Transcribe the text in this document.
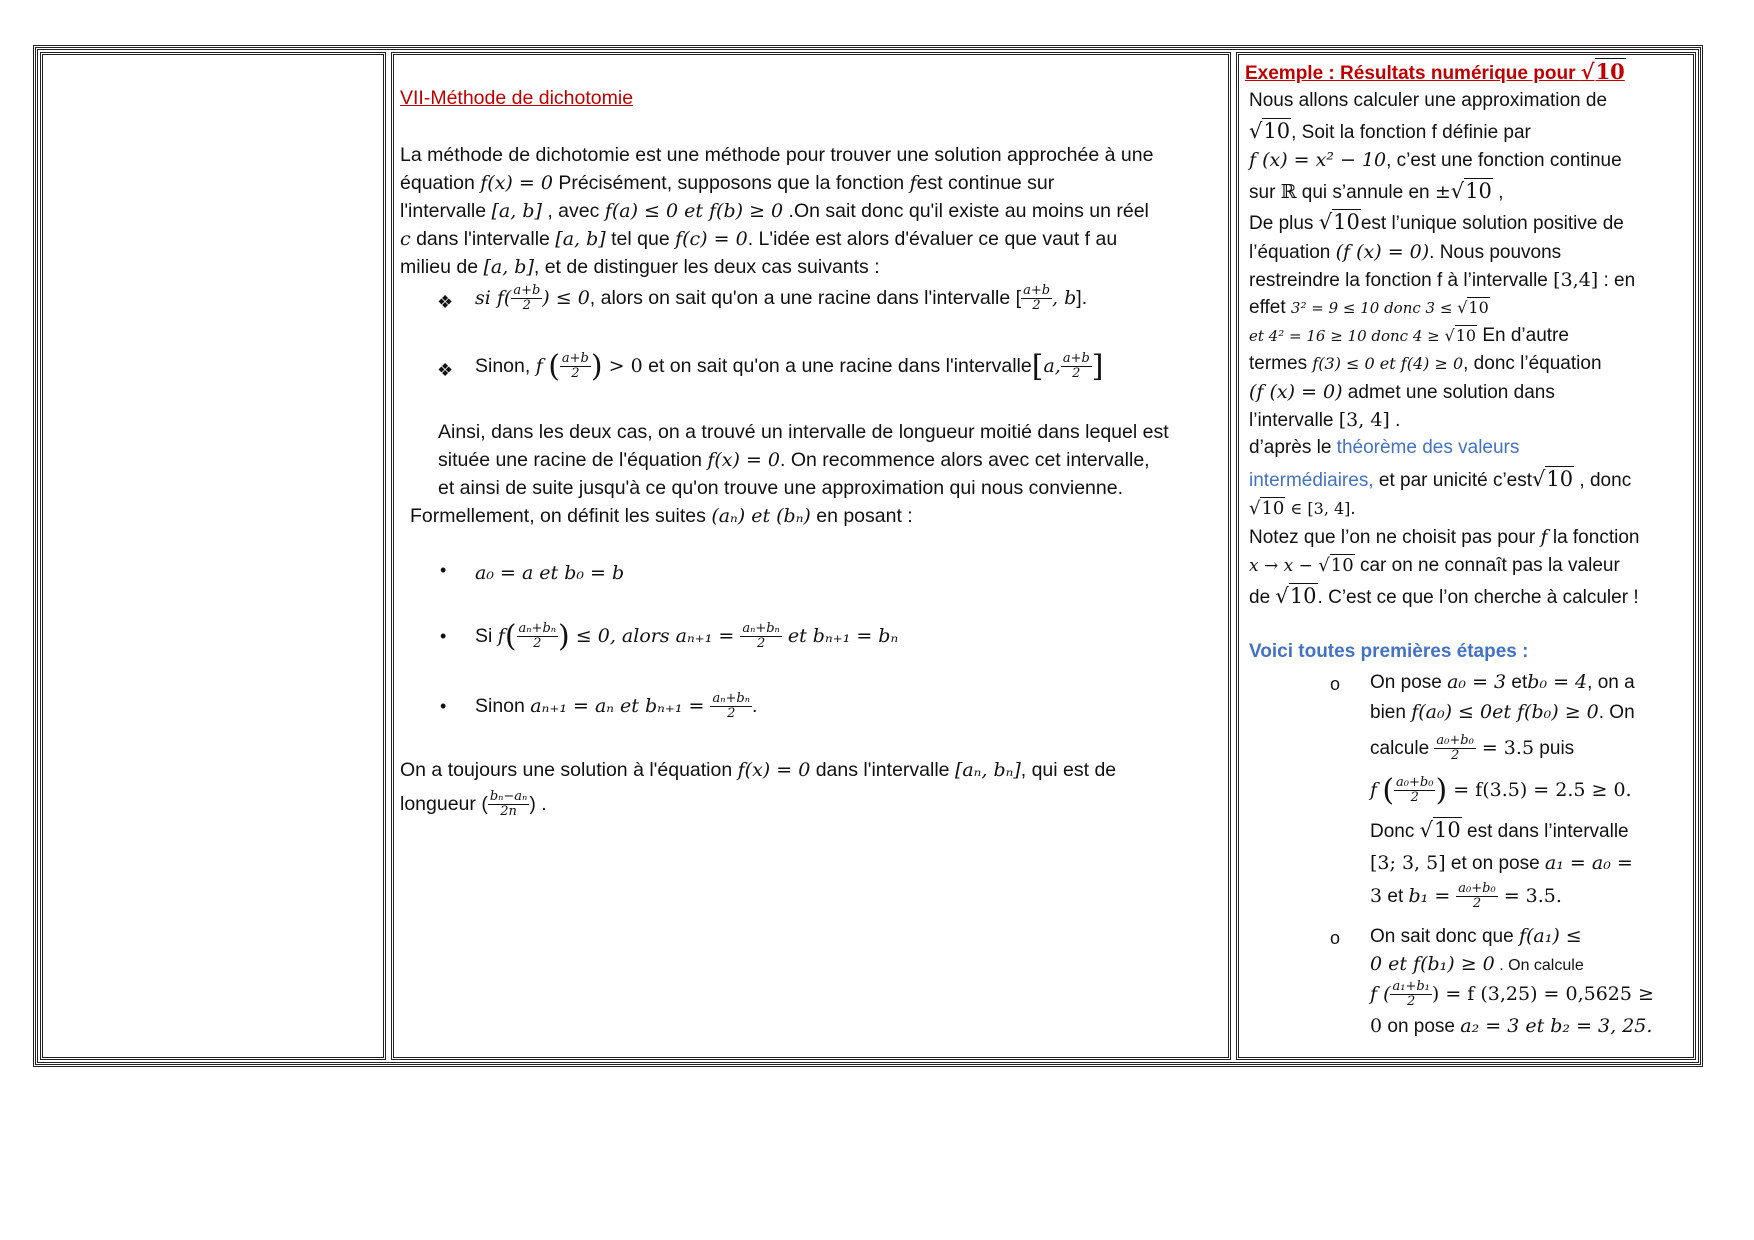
VII-Méthode de dichotomie
La méthode de dichotomie est une méthode pour trouver une solution approchée à une
équation f(x) = 0 Précisément, supposons que la fonction fest continue sur
l'intervalle [a, b] , avec f(a) ≤ 0 et f(b) ≥ 0 .On sait donc qu'il existe au moins un réel
c dans l'intervalle [a, b] tel que f(c) = 0. L'idée est alors d'évaluer ce que vaut f au
milieu de [a, b], et de distinguer les deux cas suivants :
❖ si $f( \frac{a+b}{2}$ ) ≤ 0, alors on sait qu'on a une racine dans l'intervalle [ $\frac{a+b}{2}$ , b].
❖ Sinon, f ( $\frac{a+b}{2}$ ) > 0 et on sait qu'on a une racine dans l'intervalle[a, $\frac{a+b}{2}$ ]
Ainsi, dans les deux cas, on a trouvé un intervalle de longueur moitié dans lequel est
située une racine de l'équation f(x) = 0. On recommence alors avec cet intervalle,
et ainsi de suite jusqu'à ce qu'on trouve une approximation qui nous convienne.
Formellement, on définit les suites (aₙ) et (bₙ) en posant :
• a₀ = a et b₀ = b
• Si $f( \frac{\text{aₙ+bₙ}}{2}$ ) ≤ 0, alors $a_{n+1} = \frac{\text{aₙ+bₙ}}{2}$ et bₙ₊₁ = bₙ
• Sinon aₙ₊₁ = aₙ et $b_{n+1} = \frac{\text{aₙ+bₙ}}{2}$ .
On a toujours une solution à l'équation f(x) = 0 dans l'intervalle [aₙ, bₙ], qui est de
longueur ( $\frac{\text{bₙ−aₙ}}{2n}$ ) .
Exemple : Résultats numérique pour √10
Nous allons calculer une approximation de
√10, Soit la fonction f définie par
f (x) = x² − 10, c’est une fonction continue
sur ℝ qui s’annule en ±√10 ,
De plus √10est l’unique solution positive de
l’équation (f (x) = 0). Nous pouvons
restreindre la fonction f à l’intervalle [3,4] : en
effet 3² = 9 ≤ 10 donc 3 ≤ √10
et 4² = 16 ≥ 10 donc 4 ≥ √10 En d’autre
termes f(3) ≤ 0 et f(4) ≥ 0, donc l’équation
(f (x) = 0) admet une solution dans
l’intervalle [3, 4] .
d’après le théorème des valeurs
intermédiaires, et par unicité c’est√10 , donc
√10 ∈ [3, 4].
Notez que l’on ne choisit pas pour f la fonction
x → x − √10 car on ne connaît pas la valeur
de √10. C’est ce que l’on cherche à calculer !
Voici toutes premières étapes :
o On pose a₀ = 3 etb₀ = 4, on a
bien f(a₀) ≤ 0et f(b₀) ≥ 0. On
calcule $\frac{\text{a₀+b₀}}{2} = 3.5$ puis
f ( $\frac{\text{a₀+b₀}}{2}$ ) = f(3.5) = 2.5 ≥ 0.
Donc √10 est dans l’intervalle
[3; 3, 5] et on pose a₁ = a₀ =
3 et $b_1 = \frac{\text{a₀+b₀}}{2} = 3.5$.
o On sait donc que f(a₁) ≤
0 et f(b₁) ≥ 0 . On calcule
f ( $\frac{\text{a₁+b₁}}{2}$ ) = f (3,25) = 0,5625 ≥
0 on pose a₂ = 3 et b₂ = 3, 25.
